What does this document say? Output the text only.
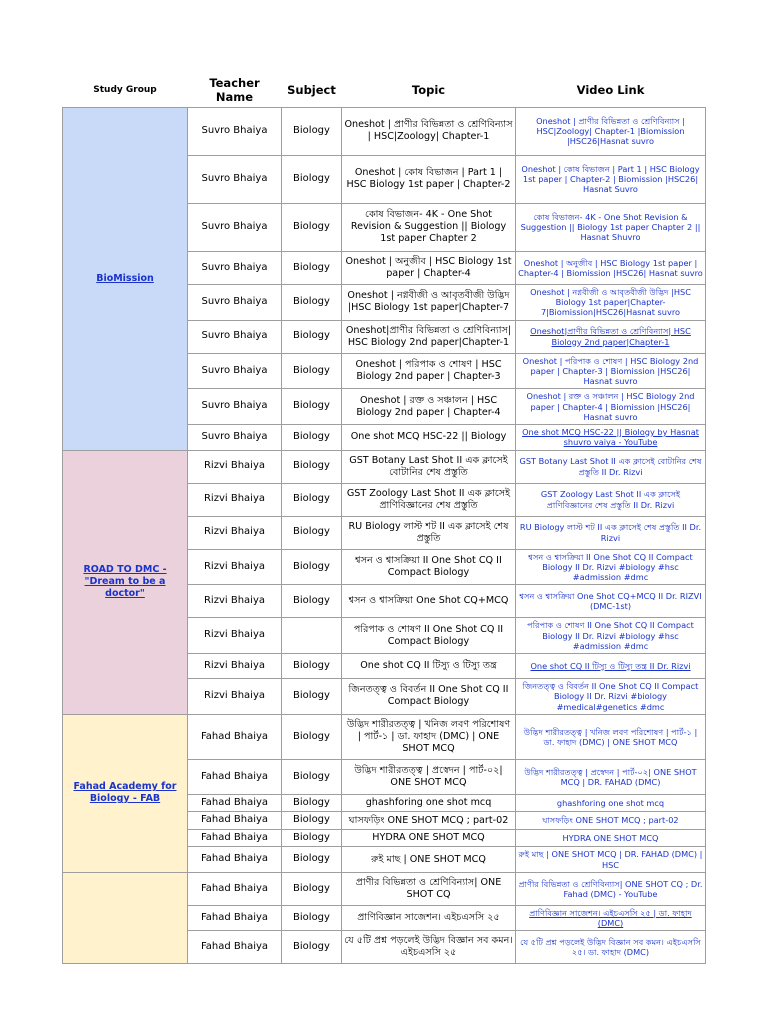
Study Group	Teacher Name	Subject	Topic	Video Link
BioMission	Suvro Bhaiya	Biology	Oneshot | প্রাণীর বিভিন্নতা ও শ্রেণিবিন্যাস | HSC|Zoology| Chapter-1	Oneshot | প্রাণীর বিভিন্নতা ও শ্রেণিবিন্যাস | HSC|Zoology| Chapter-1 |Biomission |HSC26|Hasnat suvro
	Suvro Bhaiya	Biology	Oneshot | কোষ বিভাজন | Part 1 | HSC Biology 1st paper | Chapter-2	Oneshot | কোষ বিভাজন | Part 1 | HSC Biology 1st paper | Chapter-2 | Biomission |HSC26| Hasnat Suvro
	Suvro Bhaiya	Biology	কোষ বিভাজন- 4K - One Shot Revision & Suggestion || Biology 1st paper Chapter 2	কোষ বিভাজন- 4K - One Shot Revision & Suggestion || Biology 1st paper Chapter 2 || Hasnat Shuvro
	Suvro Bhaiya	Biology	Oneshot | অনুজীব | HSC Biology 1st paper | Chapter-4	Oneshot | অনুজীব | HSC Biology 1st paper | Chapter-4 | Biomission |HSC26| Hasnat suvro
	Suvro Bhaiya	Biology	Oneshot | নগ্নবীজী ও আবৃতবীজী উদ্ভিদ |HSC Biology 1st paper|Chapter-7	Oneshot | নগ্নবীজী ও আবৃতবীজী উদ্ভিদ |HSC Biology 1st paper|Chapter-7|Biomission|HSC26|Hasnat suvro
	Suvro Bhaiya	Biology	Oneshot|প্রাণীর বিভিন্নতা ও শ্রেণিবিন্যাস| HSC Biology 2nd paper|Chapter-1	Oneshot|প্রাণীর বিভিন্নতা ও শ্রেণিবিন্যাস| HSC Biology 2nd paper|Chapter-1
	Suvro Bhaiya	Biology	Oneshot | পরিপাক ও শোষণ | HSC Biology 2nd paper | Chapter-3	Oneshot | পরিপাক ও শোষণ | HSC Biology 2nd paper | Chapter-3 | Biomission |HSC26| Hasnat suvro
	Suvro Bhaiya	Biology	Oneshot | রক্ত ও সঞ্চালন | HSC Biology 2nd paper | Chapter-4	Oneshot | রক্ত ও সঞ্চালন | HSC Biology 2nd paper | Chapter-4 | Biomission |HSC26| Hasnat suvro
	Suvro Bhaiya	Biology	One shot MCQ HSC-22 || Biology	One shot MCQ HSC-22 || Biology by Hasnat shuvro vaiya - YouTube
ROAD TO DMC - "Dream to be a doctor"	Rizvi Bhaiya	Biology	GST Botany Last Shot II এক ক্লাসেই বোটানির শেষ প্রস্তুতি	GST Botany Last Shot II এক ক্লাসেই বোটানির শেষ প্রস্তুতি II Dr. Rizvi
	Rizvi Bhaiya	Biology	GST Zoology Last Shot II এক ক্লাসেই প্রাণিবিজ্ঞানের শেষ প্রস্তুতি	GST Zoology Last Shot II এক ক্লাসেই প্রাণিবিজ্ঞানের শেষ প্রস্তুতি II Dr. Rizvi
	Rizvi Bhaiya	Biology	RU Biology লাস্ট শট II এক ক্লাসেই শেষ প্রস্তুতি	RU Biology লাস্ট শট II এক ক্লাসেই শেষ প্রস্তুতি II Dr. Rizvi
	Rizvi Bhaiya	Biology	শ্বসন ও শ্বাসক্রিয়া II One Shot CQ II Compact Biology	শ্বসন ও শ্বাসক্রিয়া II One Shot CQ II Compact Biology II Dr. Rizvi #biology #hsc #admission #dmc
	Rizvi Bhaiya	Biology	শ্বসন ও শ্বাসক্রিয়া One Shot CQ+MCQ	শ্বসন ও শ্বাসক্রিয়া One Shot CQ+MCQ II Dr. RIZVI (DMC-1st)
	Rizvi Bhaiya		পরিপাক ও শোষণ II One Shot CQ II Compact Biology	পরিপাক ও শোষণ II One Shot CQ II Compact Biology II Dr. Rizvi #biology #hsc #admission #dmc
	Rizvi Bhaiya	Biology	One shot CQ II টিস্যু ও টিস্যু তন্ত্র	One shot CQ II টিস্যু ও টিস্যু তন্ত্র II Dr. Rizvi
	Rizvi Bhaiya	Biology	জিনতত্ত্ব ও বিবর্তন II One Shot CQ II Compact Biology	জিনতত্ত্ব ও বিবর্তন II One Shot CQ II Compact Biology II Dr. Rizvi #biology #medical#genetics #dmc
Fahad Academy for Biology - FAB	Fahad Bhaiya	Biology	উদ্ভিদ শারীরতত্ত্ব | খনিজ লবণ পরিশোষণ | পার্ট-১ | ডা. ফাহাদ (DMC) | ONE SHOT MCQ	উদ্ভিদ শারীরতত্ত্ব | খনিজ লবণ পরিশোষণ | পার্ট-১ | ডা. ফাহাদ (DMC) | ONE SHOT MCQ
	Fahad Bhaiya	Biology	উদ্ভিদ শারীরতত্ত্ব | প্রস্বেদন | পার্ট-০২| ONE SHOT MCQ	উদ্ভিদ শারীরতত্ত্ব | প্রস্বেদন | পার্ট-০২| ONE SHOT MCQ | DR. FAHAD (DMC)
	Fahad Bhaiya	Biology	ghashforing one shot mcq	ghashforing one shot mcq
	Fahad Bhaiya	Biology	ঘাসফড়িং ONE SHOT MCQ ; part-02	ঘাসফড়িং ONE SHOT MCQ ; part-02
	Fahad Bhaiya	Biology	HYDRA ONE SHOT MCQ	HYDRA ONE SHOT MCQ
	Fahad Bhaiya	Biology	রুই মাছ | ONE SHOT MCQ	রুই মাছ | ONE SHOT MCQ | DR. FAHAD (DMC) | HSC
	Fahad Bhaiya	Biology	প্রাণীর বিভিন্নতা ও শ্রেণিবিন্যাস| ONE SHOT CQ	প্রাণীর বিভিন্নতা ও শ্রেণিবিন্যাস| ONE SHOT CQ ; Dr. Fahad (DMC) - YouTube
	Fahad Bhaiya	Biology	প্রাণিবিজ্ঞান সাজেশন। এইচএসসি ২৫	প্রাণিবিজ্ঞান সাজেশন। এইচএসসি ২৫ | ডা. ফাহাদ (DMC)
	Fahad Bhaiya	Biology	যে ৫টি প্রশ্ন পড়লেই উদ্ভিদ বিজ্ঞান সব কমন। এইচএসসি ২৫	যে ৫টি প্রশ্ন পড়লেই উদ্ভিদ বিজ্ঞান সব কমন। এইচএসসি ২৫। ডা. ফাহাদ (DMC)
